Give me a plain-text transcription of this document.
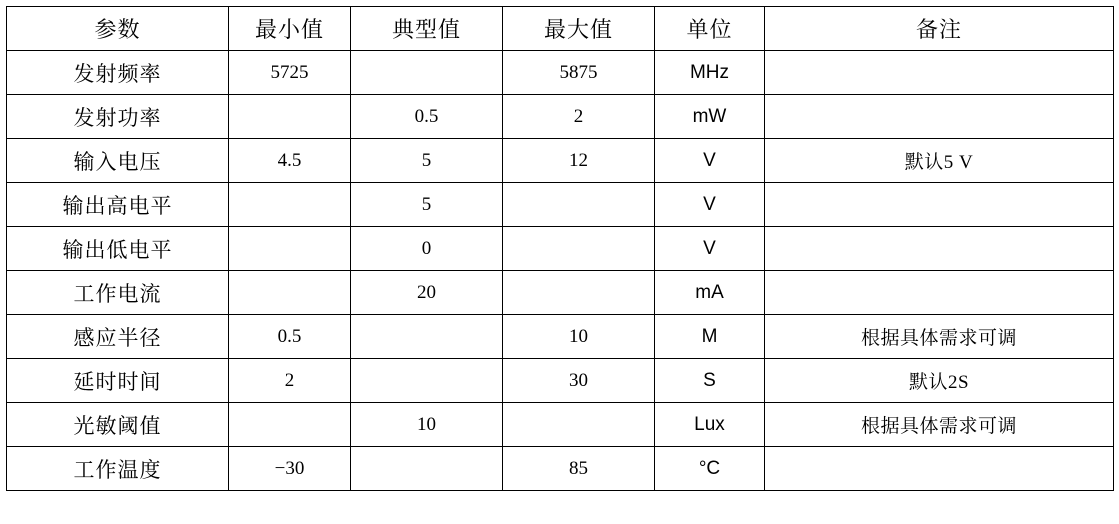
参数	最小值	典型值	最大值	单位	备注
发射频率	5725		5875	MHz	
发射功率		0.5	2	mW	
输入电压	4.5	5	12	V	默认5 V
输出高电平		5		V	
输出低电平		0		V	
工作电流		20		mA	
感应半径	0.5		10	M	根据具体需求可调
延时时间	2		30	S	默认2S
光敏阈值		10		Lux	根据具体需求可调
工作温度	−30		85	°C	
